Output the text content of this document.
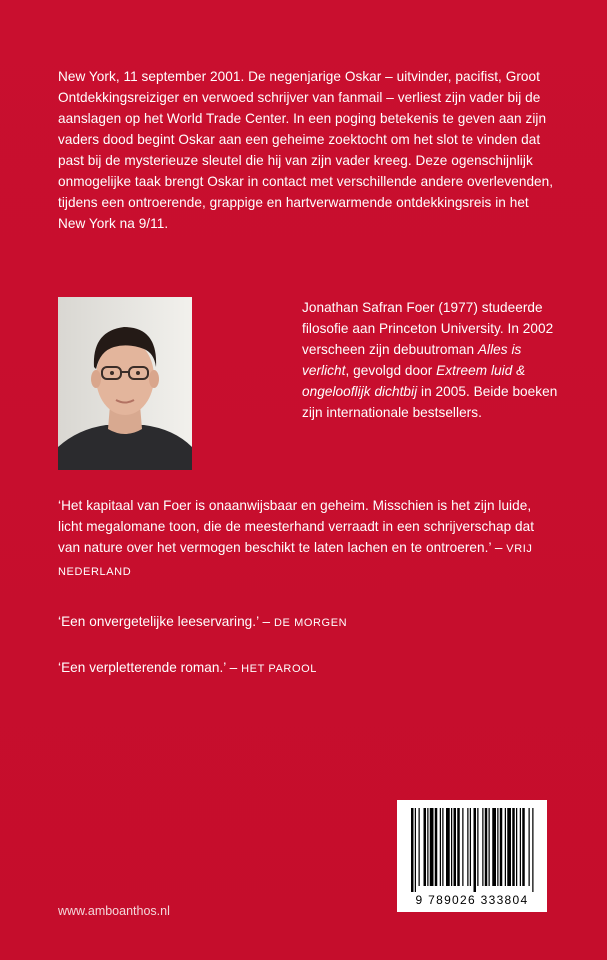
New York, 11 september 2001. De negenjarige Oskar – uitvinder, pacifist, Groot Ontdekkingsreiziger en verwoed schrijver van fanmail – verliest zijn vader bij de aanslagen op het World Trade Center. In een poging betekenis te geven aan zijn vaders dood begint Oskar aan een geheime zoektocht om het slot te vinden dat past bij de mysterieuze sleutel die hij van zijn vader kreeg. Deze ogenschijnlijk onmogelijke taak brengt Oskar in contact met verschillende andere overlevenden, tijdens een ontroerende, grappige en hartverwarmende ontdekkingsreis in het New York na 9/11.

Jonathan Safran Foer (1977) studeerde filosofie aan Princeton University. In 2002 verscheen zijn debuutroman Alles is verlicht, gevolgd door Extreem luid & ongelooflijk dichtbij in 2005. Beide boeken zijn internationale bestsellers.

‘Het kapitaal van Foer is onaanwijsbaar en geheim. Misschien is het zijn luide, licht megalomane toon, die de meesterhand verraadt in een schrijverschap dat van nature over het vermogen beschikt te laten lachen en te ontroeren.’ – VRIJ NEDERLAND

‘Een onvergetelijke leeservaring.’ – DE MORGEN

‘Een verpletterende roman.’ – HET PAROOL

www.amboanthos.nl
9 789026 333804
